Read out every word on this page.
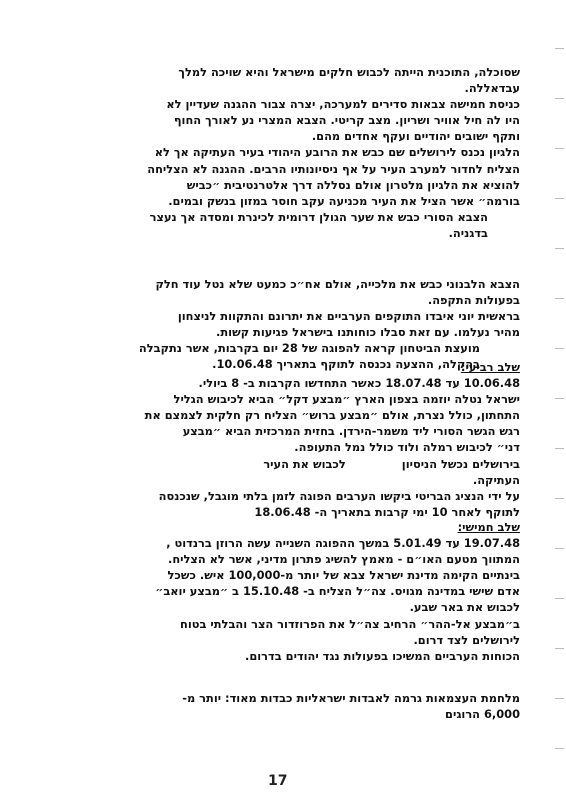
שסוכלה, התוכנית הייתה לכבוש חלקים מישראל והיא שויכה למלך
עבדאללה.
כניסת חמישה צבאות סדירים למערכה, יצרה צבור ההגנה שעדיין לא
היו לה חיל אוויר ושריון. מצב קריטי. הצבא המצרי נע לאורך החוף
ותקף ישובים יהודיים ועקף אחדים מהם.
הלגיון נכנס לירושלים שם כבש את הרובע היהודי בעיר העתיקה אך לא
הצליח לחדור למערב העיר על אף ניסיונותיו הרבים. ההגנה לא הצליחה
להוציא את הלגיון מלטרון אולם נסללה דרך אלטרנטיבית ״כביש
בורמה״ אשר הציל את העיר מכניעה עקב חוסר במזון בנשק ובמים.
הצבא הסורי כבש את שער הגולן דרומית לכינרת ומסדה אך נעצר
בדגניה.
הצבא הלבנוני כבש את מלכייה, אולם אח״כ כמעט שלא נטל עוד חלק
בפעולות התקפה.
בראשית יוני איבדו התוקפים הערביים את יתרונם והתקוות לניצחון
מהיר נעלמו. עם זאת סבלו כוחותנו בישראל פגיעות קשות.
מועצת הביטחון קראה להפוגה של 28 יום בקרבות, אשר נתקבלה
בהקלה, ההצעה נכנסה לתוקף בתאריך 10.06.48.
שלב רביעי:
10.06.48 עד 18.07.48 כאשר התחדשו הקרבות ב- 8 ביולי.
ישראל נטלה יוזמה בצפון הארץ ״מבצע דקל״ הביא לכיבוש הגליל
התחתון, כולל נצרת, אולם ״מבצע ברוש״ הצליח רק חלקית לצמצם את
רגש הגשר הסורי ליד משמר-הירדן. בחזית המרכזית הביא ״מבצע
דני״ לכיבוש רמלה ולוד כולל נמל התעופה.
בירושלים נכשל הניסיון
לכבוש את העיר
העתיקה.
על ידי הנציג הבריטי ביקשו הערבים הפוגה לזמן בלתי מוגבל, שנכנסה
לתוקף לאחר 10 ימי קרבות בתאריך ה- 18.06.48
שלב חמישי:
19.07.48 עד 5.01.49 במשך ההפוגה השנייה עשה הרוזן ברנדוט ,
המתווך מטעם האו״ם - מאמץ להשיג פתרון מדיני, אשר לא הצליח.
בינתיים הקימה מדינת ישראל צבא של יותר מ-100,000 איש. כשכל
אדם שישי במדינה מגויס. צה״ל הצליח ב- 15.10.48 ב ״מבצע יואב״
לכבוש את באר שבע.
ב״מבצע אל-ההר״ הרחיב צה״ל את הפרוזדור הצר והבלתי בטוח
לירושלים לצד דרום.
הכוחות הערביים המשיכו בפעולות נגד יהודים בדרום.
מלחמת העצמאות גרמה לאבדות ישראליות כבדות מאוד: יותר מ-
6,000 הרוגים
17
